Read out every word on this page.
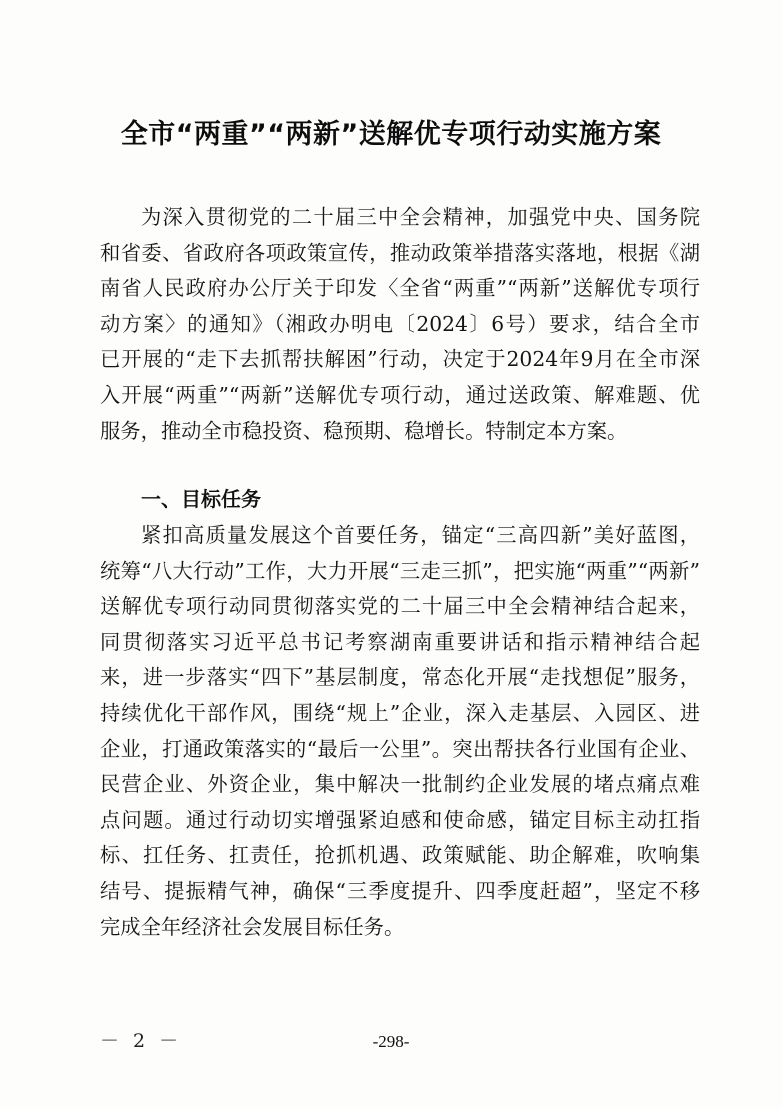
全市“两重”“两新”送解优专项行动实施方案
为深入贯彻党的二十届三中全会精神，加强党中央、国务院
和省委、省政府各项政策宣传，推动政策举措落实落地，根据《湖
南省人民政府办公厅关于印发〈全省“两重”“两新”送解优专项行
动方案〉的通知》（湘政办明电〔2024〕6号）要求，结合全市
已开展的“走下去抓帮扶解困”行动，决定于2024年9月在全市深
入开展“两重”“两新”送解优专项行动，通过送政策、解难题、优
服务，推动全市稳投资、稳预期、稳增长。特制定本方案。
一、目标任务
紧扣高质量发展这个首要任务，锚定“三高四新”美好蓝图，
统筹“八大行动”工作，大力开展“三走三抓”，把实施“两重”“两新”
送解优专项行动同贯彻落实党的二十届三中全会精神结合起来，
同贯彻落实习近平总书记考察湖南重要讲话和指示精神结合起
来，进一步落实“四下”基层制度，常态化开展“走找想促”服务，
持续优化干部作风，围绕“规上”企业，深入走基层、入园区、进
企业，打通政策落实的“最后一公里”。突出帮扶各行业国有企业、
民营企业、外资企业，集中解决一批制约企业发展的堵点痛点难
点问题。通过行动切实增强紧迫感和使命感，锚定目标主动扛指
标、扛任务、扛责任，抢抓机遇、政策赋能、助企解难，吹响集
结号、提振精气神，确保“三季度提升、四季度赶超”，坚定不移
完成全年经济社会发展目标任务。
－ 2 －	-298-
